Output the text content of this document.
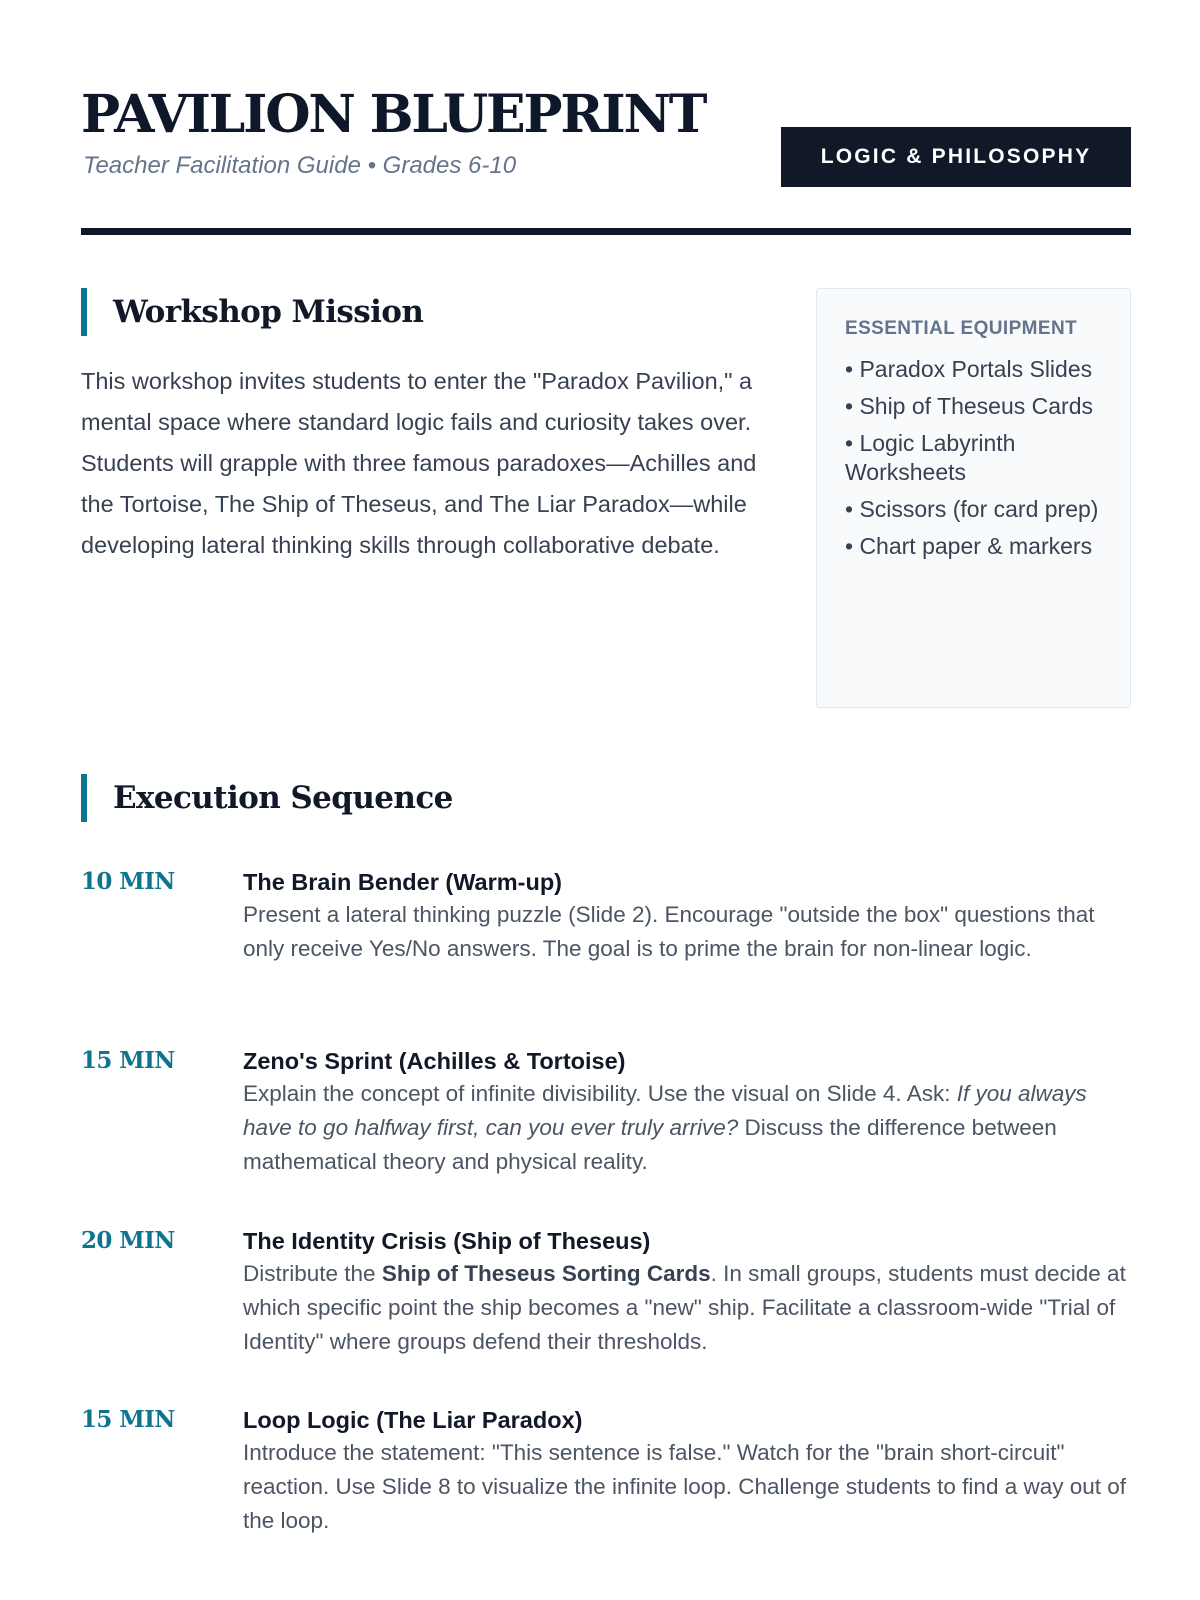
PAVILION BLUEPRINT

Teacher Facilitation Guide • Grades 6-10	LOGIC & PHILOSOPHY
Workshop Mission

This workshop invites students to enter the "Paradox Pavilion," a mental space where standard logic fails and curiosity takes over. Students will grapple with three famous paradoxes—Achilles and the Tortoise, The Ship of Theseus, and The Liar Paradox—while developing lateral thinking skills through collaborative debate.

ESSENTIAL EQUIPMENT
• Paradox Portals Slides
• Ship of Theseus Cards
• Logic Labyrinth Worksheets
• Scissors (for card prep)
• Chart paper & markers
Execution Sequence
10 MIN	The Brain Bender (Warm-up)

Present a lateral thinking puzzle (Slide 2). Encourage "outside the box" questions that only receive Yes/No answers. The goal is to prime the brain for non-linear logic.

15 MIN	Zeno's Sprint (Achilles & Tortoise)

Explain the concept of infinite divisibility. Use the visual on Slide 4. Ask: If you always have to go halfway first, can you ever truly arrive? Discuss the difference between mathematical theory and physical reality.

20 MIN	The Identity Crisis (Ship of Theseus)

Distribute the Ship of Theseus Sorting Cards. In small groups, students must decide at which specific point the ship becomes a "new" ship. Facilitate a classroom-wide "Trial of Identity" where groups defend their thresholds.

15 MIN	Loop Logic (The Liar Paradox)

Introduce the statement: "This sentence is false." Watch for the "brain short-circuit" reaction. Use Slide 8 to visualize the infinite loop. Challenge students to find a way out of the loop.
